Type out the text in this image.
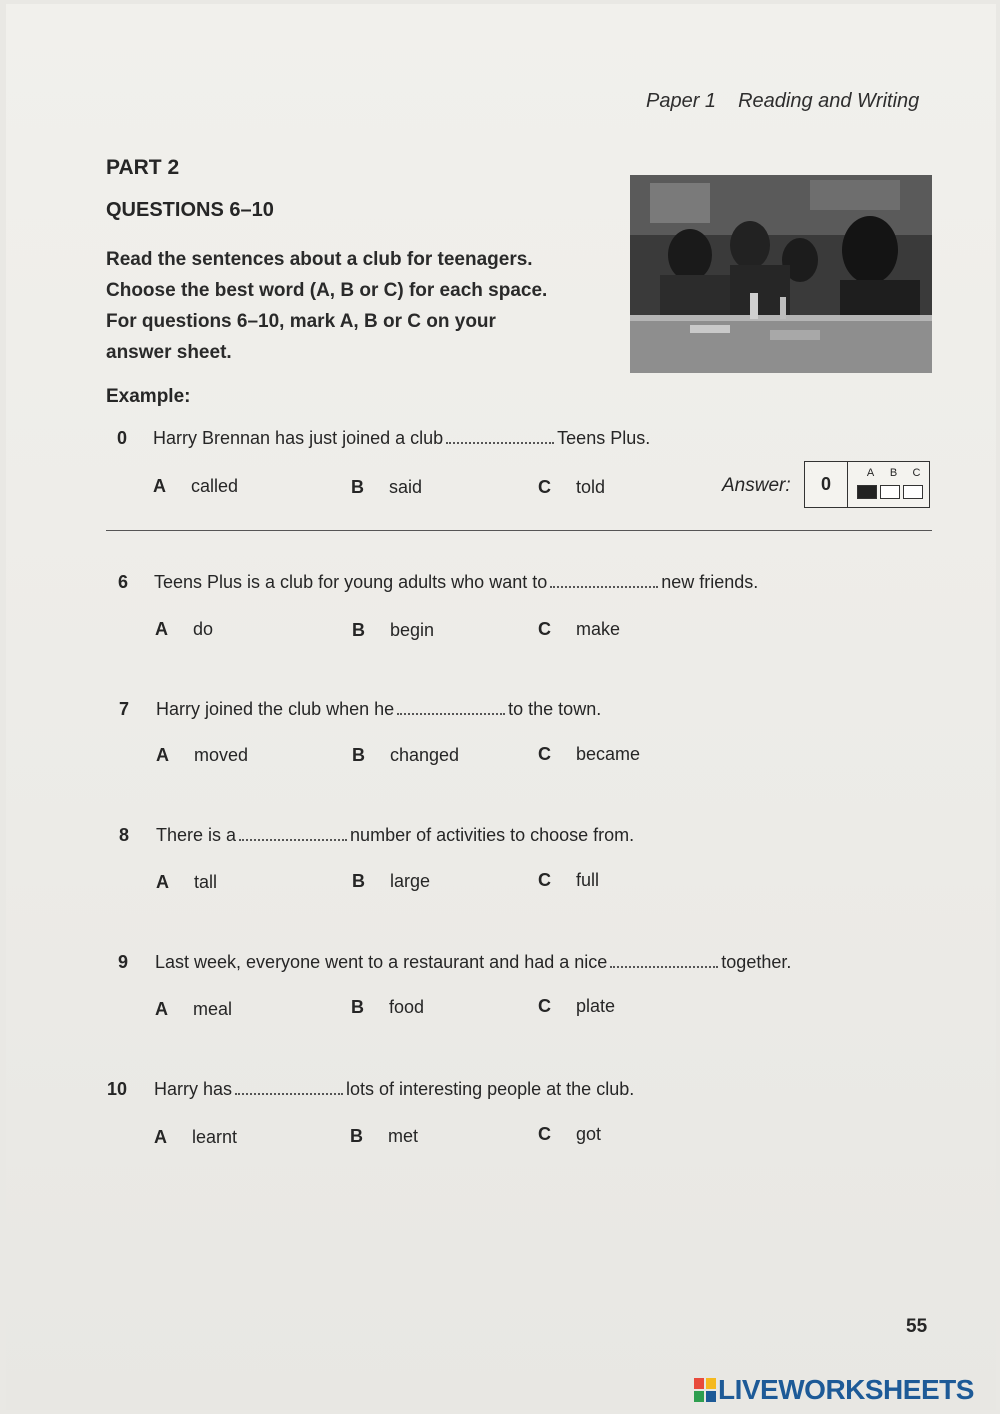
Paper 1 Reading and Writing
PART 2
QUESTIONS 6–10
Read the sentences about a club for teenagers.
Choose the best word (A, B or C) for each space.
For questions 6–10, mark A, B or C on your
answer sheet.
Example:
0 Harry Brennan has just joined a club	Teens Plus.
A called	B said	C told	Answer:	0
A B C
6 Teens Plus is a club for young adults who want to	new friends.
A do	B begin	C make
7 Harry joined the club when he	to the town.
A moved	B changed	C became
8 There is a	number of activities to choose from.
A tall	B large	C full
9 Last week, everyone went to a restaurant and had a nice	together.
A meal	B food	C plate
10 Harry has	lots of interesting people at the club.
A learnt	B met	C got
55
LIVEWORKSHEETS
